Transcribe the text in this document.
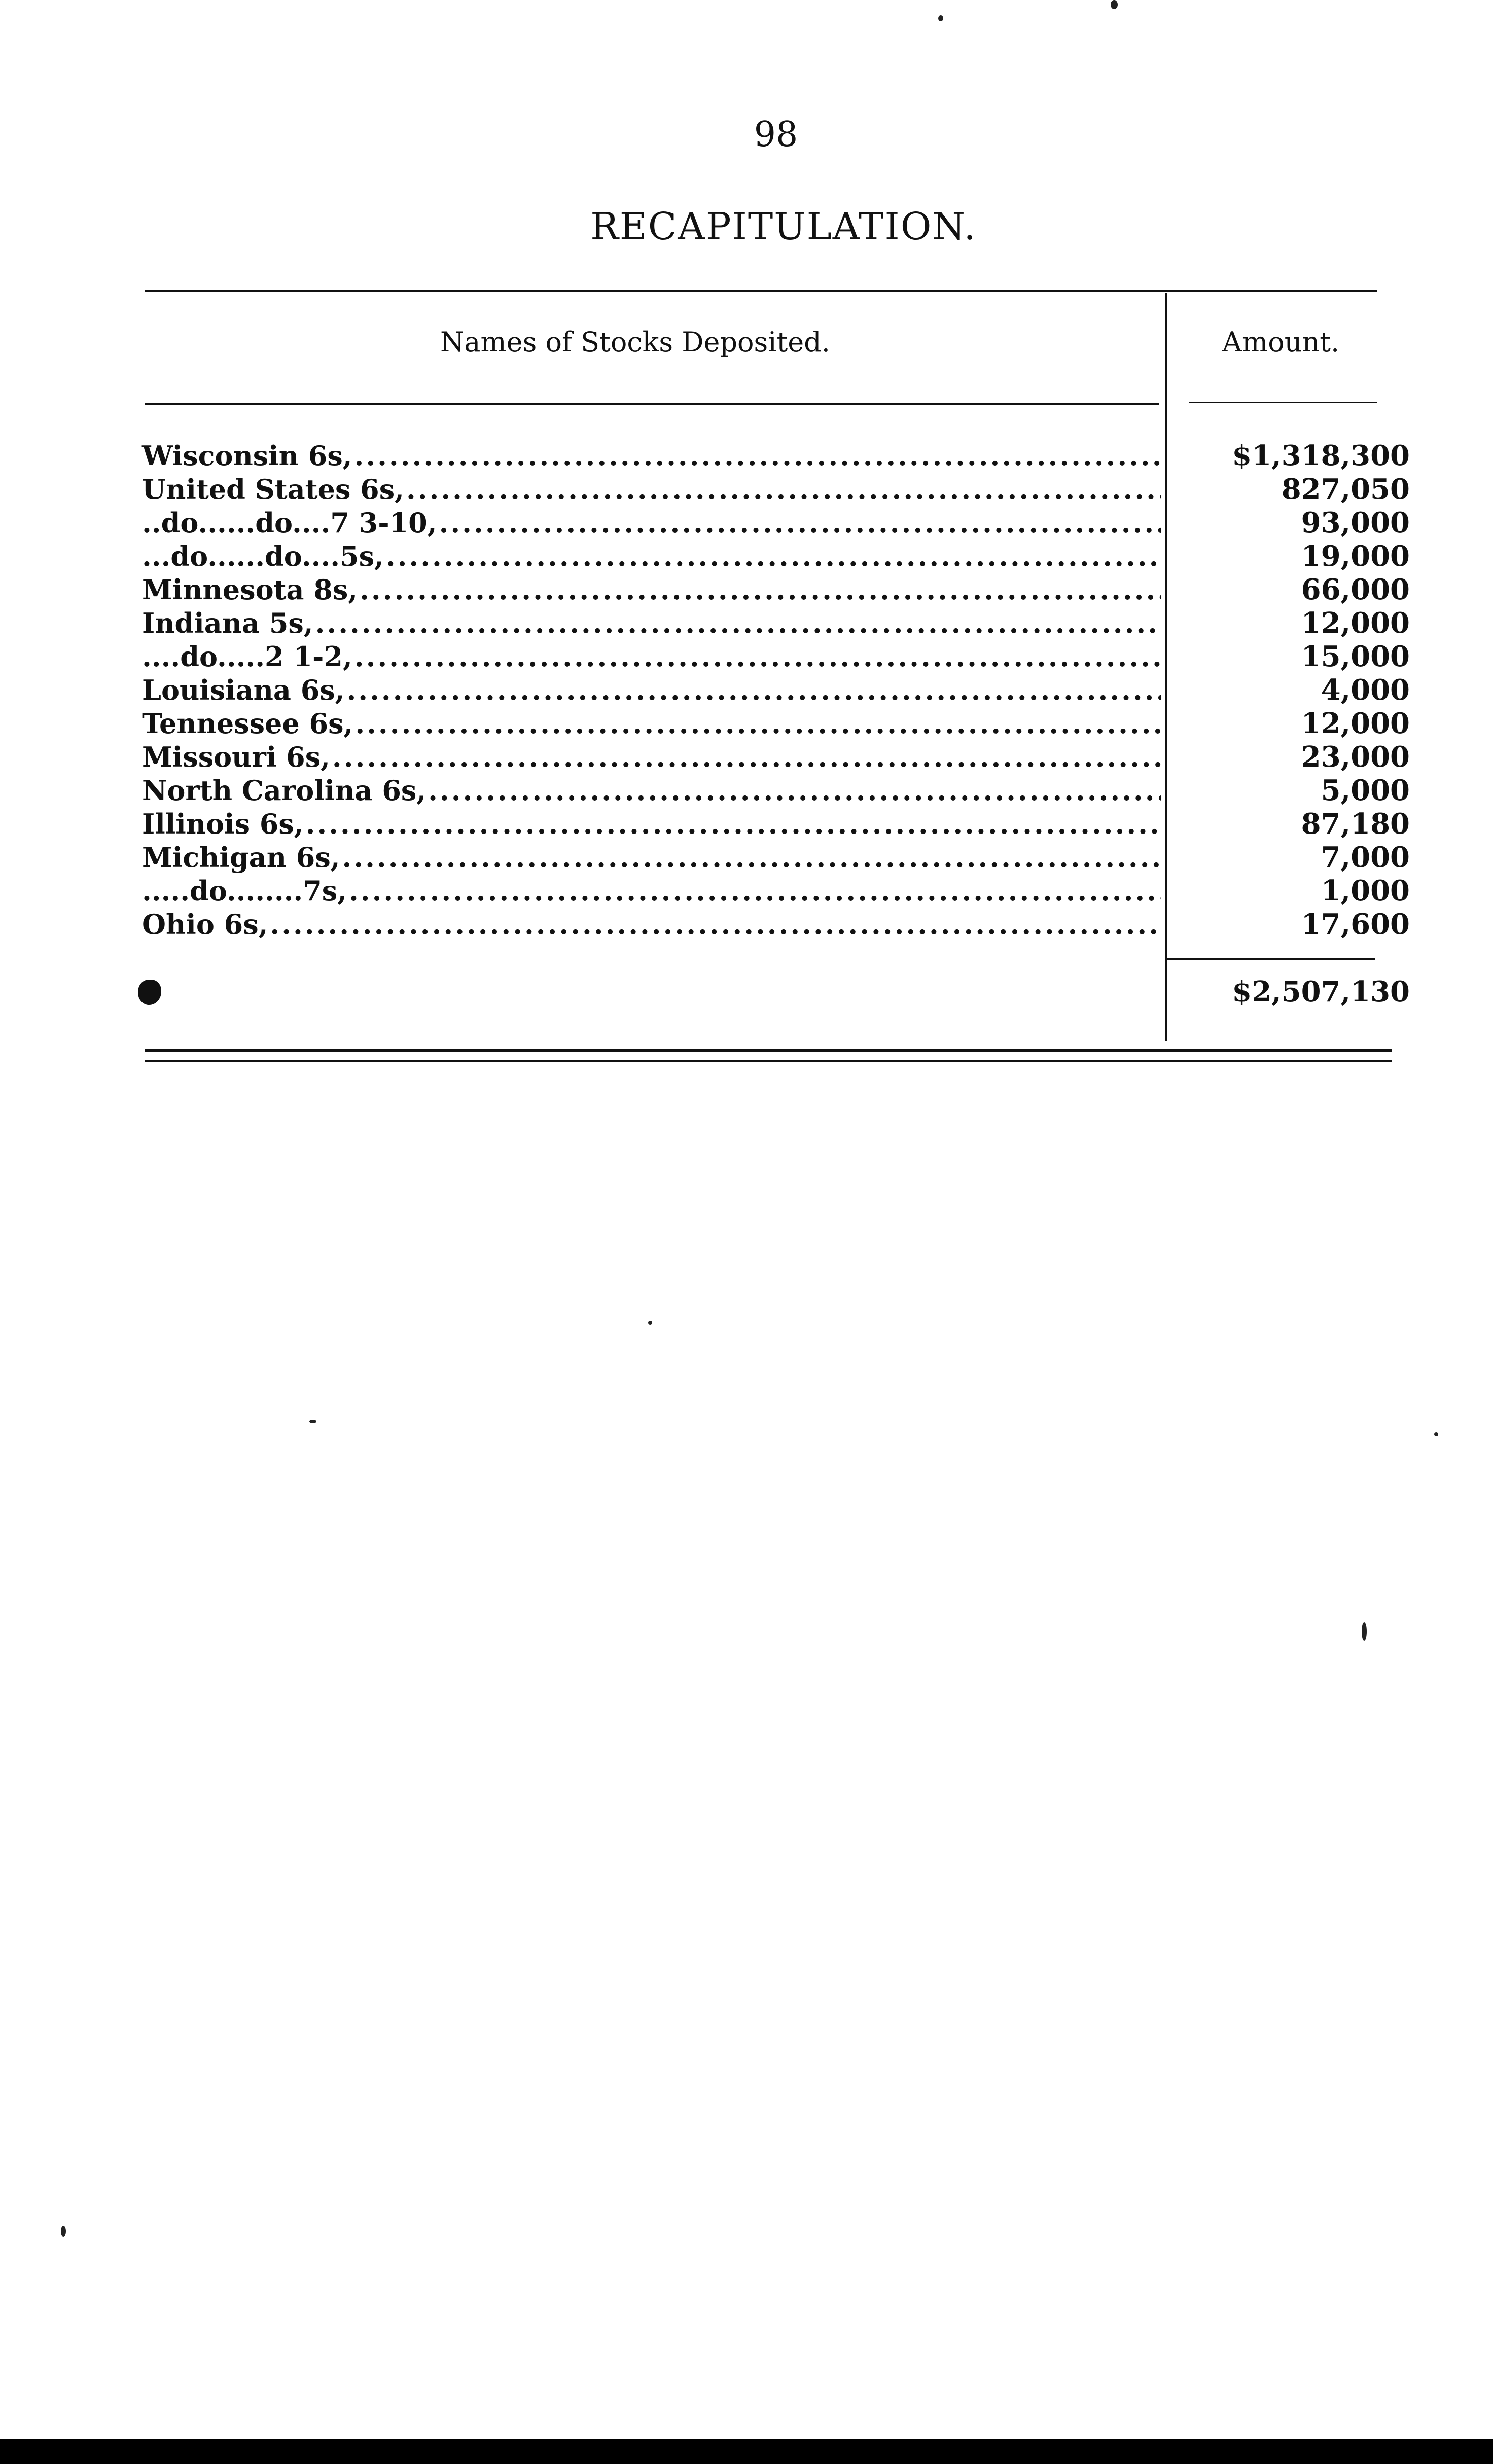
98
RECAPITULATION.
Names of Stocks Deposited.	Amount.
Wisconsin 6s,
.....
United States 6s,
.....
..do......do....7 3-10,
.....
...do......do....5s,
.....
Minnesota 8s,
.....
Indiana 5s,
.....
....do.....2 1-2,
.....
Louisiana 6s,
.....
Tennessee 6s,
.....
Missouri 6s,
.....
North Carolina 6s,
.....
Illinois 6s,
.....
Michigan 6s,
.....
.....do........7s,
.....
Ohio 6s,
.....
$1,318,300
827,050
93,000
19,000
66,000
12,000
15,000
4,000
12,000
23,000
5,000
87,180
7,000
1,000
17,600
$2,507,130
